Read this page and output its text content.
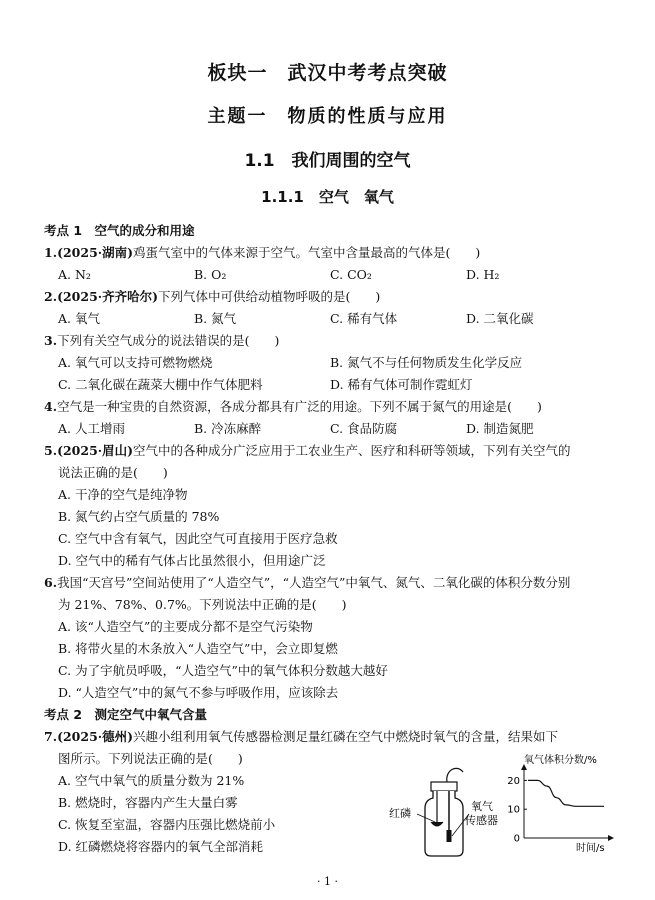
板块一　武汉中考考点突破
主题一　物质的性质与应用
1.1　我们周围的空气
1.1.1　空气　氧气
考点 1　空气的成分和用途
1.(2025·湖南)鸡蛋气室中的气体来源于空气。气室中含量最高的气体是(　　)
A. N₂	B. O₂	C. CO₂	D. H₂
2.(2025·齐齐哈尔)下列气体中可供给动植物呼吸的是(　　)
A. 氧气	B. 氮气	C. 稀有气体	D. 二氧化碳
3.下列有关空气成分的说法错误的是(　　)
A. 氧气可以支持可燃物燃烧	B. 氮气不与任何物质发生化学反应
C. 二氧化碳在蔬菜大棚中作气体肥料	D. 稀有气体可制作霓虹灯
4.空气是一种宝贵的自然资源，各成分都具有广泛的用途。下列不属于氮气的用途是(　　)
A. 人工增雨	B. 冷冻麻醉	C. 食品防腐	D. 制造氮肥
5.(2025·眉山)空气中的各种成分广泛应用于工农业生产、医疗和科研等领域，下列有关空气的
说法正确的是(　　)
A. 干净的空气是纯净物
B. 氮气约占空气质量的 78%
C. 空气中含有氧气，因此空气可直接用于医疗急救
D. 空气中的稀有气体占比虽然很小，但用途广泛
6.我国“天宫号”空间站使用了“人造空气”，“人造空气”中氧气、氮气、二氧化碳的体积分数分别
为 21%、78%、0.7%。下列说法中正确的是(　　)
A. 该“人造空气”的主要成分都不是空气污染物
B. 将带火星的木条放入“人造空气”中，会立即复燃
C. 为了宇航员呼吸，“人造空气”中的氧气体积分数越大越好
D. “人造空气”中的氮气不参与呼吸作用，应该除去
考点 2　测定空气中氧气含量
7.(2025·德州)兴趣小组利用氧气传感器检测足量红磷在空气中燃烧时氧气的含量，结果如下
图所示。下列说法正确的是(　　)
A. 空气中氧气的质量分数为 21%
B. 燃烧时，容器内产生大量白雾
C. 恢复至室温，容器内压强比燃烧前小
D. 红磷燃烧将容器内的氧气全部消耗
红磷
氧气
传感器
氧气体积分数/%
0
10
20
时间/s
· 1 ·
